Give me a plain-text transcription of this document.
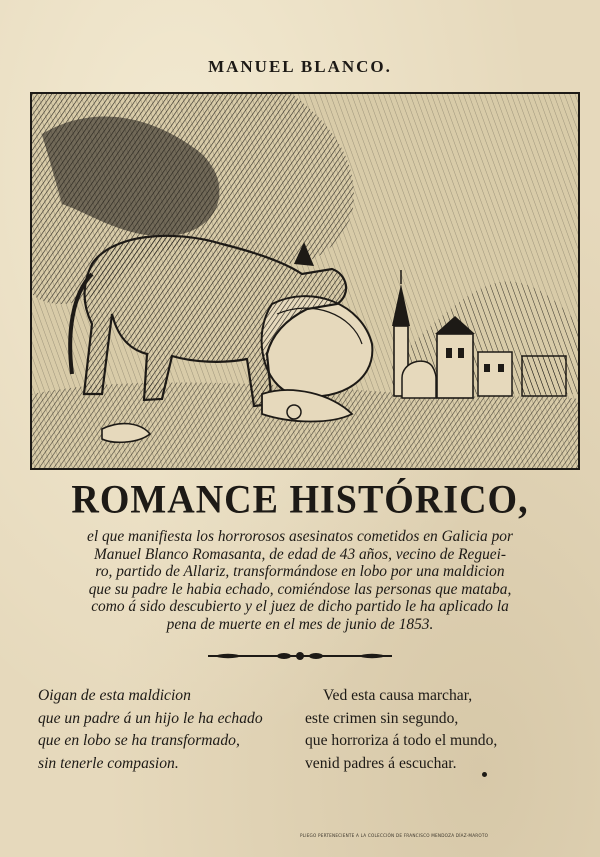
MANUEL BLANCO.
ROMANCE HISTÓRICO,
el que manifiesta los horrorosos asesinatos cometidos en Galicia por
Manuel Blanco Romasanta, de edad de 43 años, vecino de Reguei-
ro, partido de Allariz, transformándose en lobo por una maldicion
que su padre le habia echado, comiéndose las personas que mataba,
como á sido descubierto y el juez de dicho partido le ha aplicado la
pena de muerte en el mes de junio de 1853.
Oigan de esta maldicion
que un padre á un hijo le ha echado
que en lobo se ha transformado,
sin tenerle compasion.
Ved esta causa marchar,
este crimen sin segundo,
que horroriza á todo el mundo,
venid padres á escuchar.
PLIEGO PERTENECIENTE A LA COLECCIÓN DE FRANCISCO MENDOZA DÍAZ-MAROTO
